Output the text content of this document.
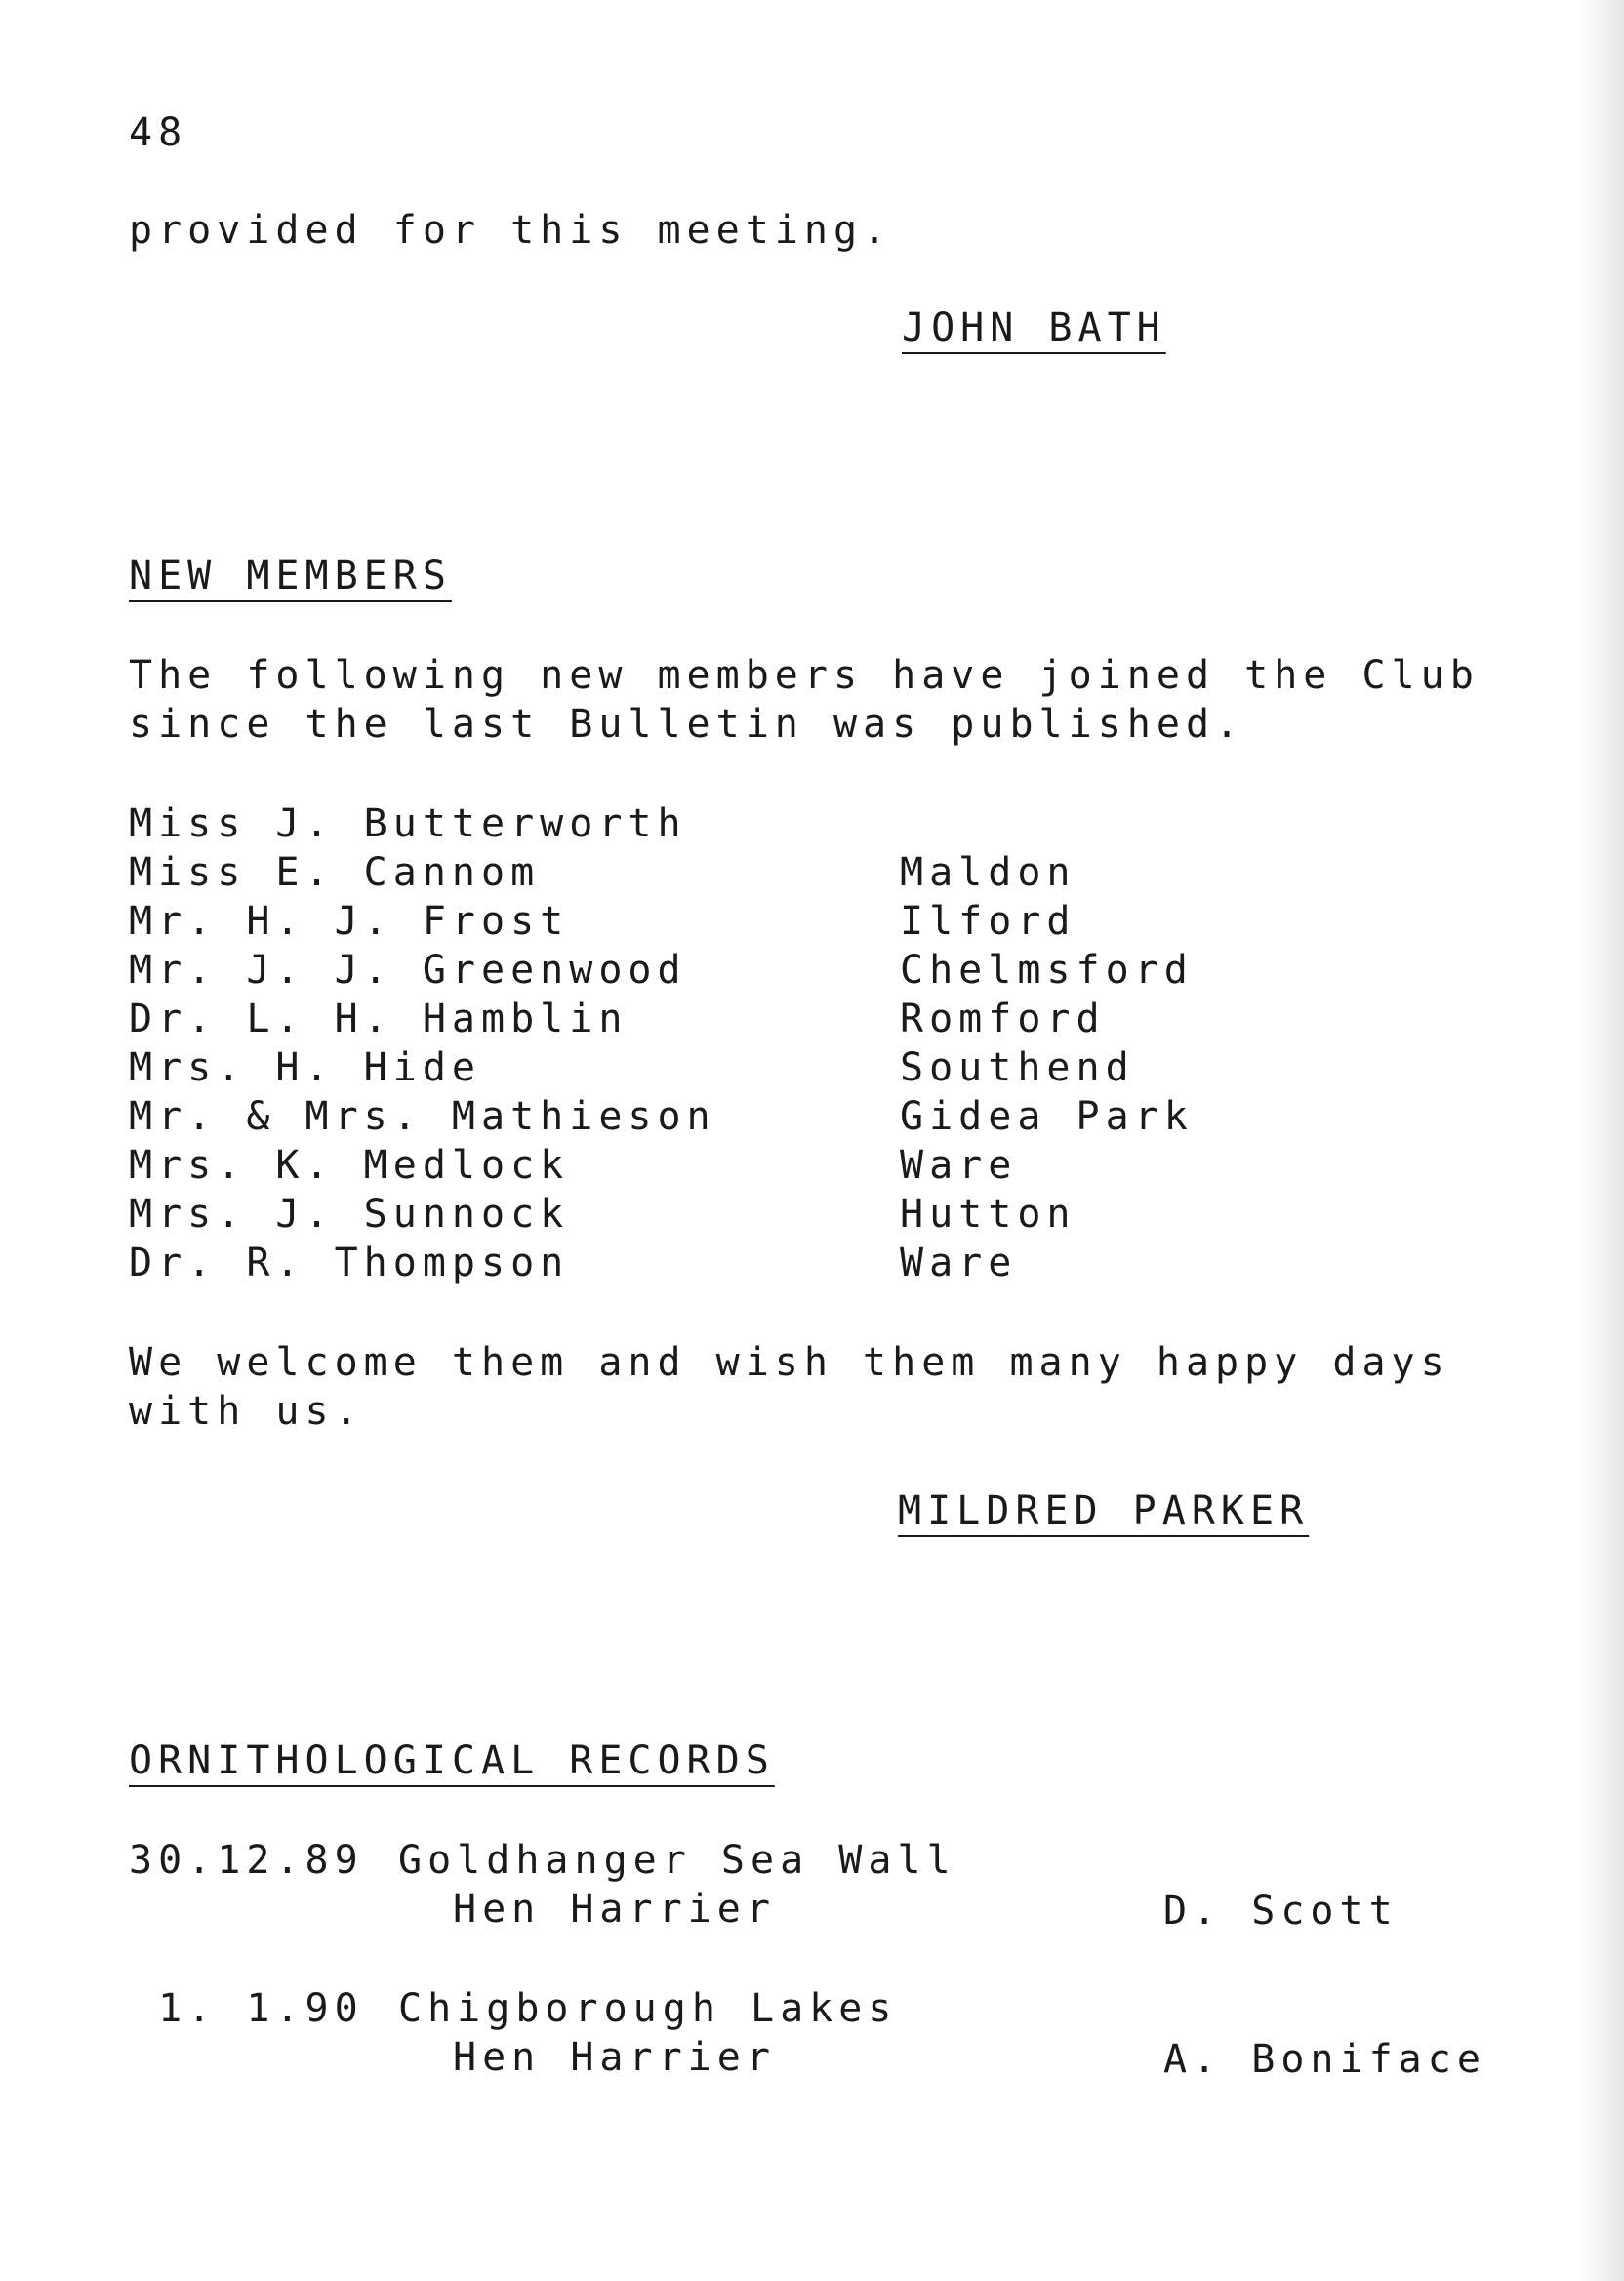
48
provided for this meeting.
JOHN BATH
NEW MEMBERS
The following new members have joined the Club
since the last Bulletin was published.
Miss J. Butterworth
Miss E. Cannom	Maldon
Mr. H. J. Frost	Ilford
Mr. J. J. Greenwood	Chelmsford
Dr. L. H. Hamblin	Romford
Mrs. H. Hide	Southend
Mr. & Mrs. Mathieson	Gidea Park
Mrs. K. Medlock	Ware
Mrs. J. Sunnock	Hutton
Dr. R. Thompson	Ware
We welcome them and wish them many happy days
with us.
MILDRED PARKER
ORNITHOLOGICAL RECORDS
30.12.89 Goldhanger Sea Wall
Hen Harrier	D. Scott
1. 1.90 Chigborough Lakes
Hen Harrier	A. Boniface
